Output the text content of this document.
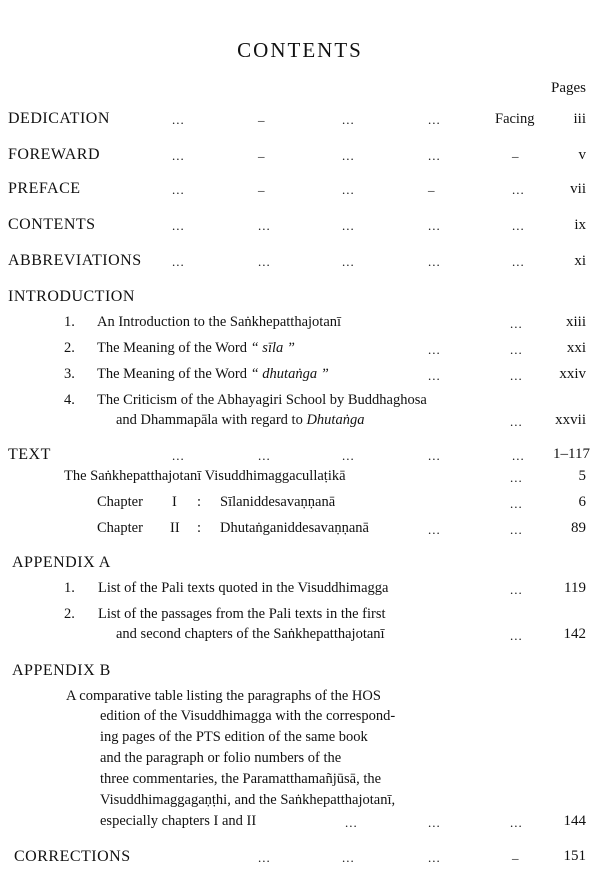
CONTENTS
Pages
DEDICATION	...	_	...	...	Facing	iii
FOREWARD	...	_	...	...	_	v
PREFACE	...	_	...	_	...	vii
CONTENTS	...	...	...	...	...	ix
ABBREVIATIONS ...	...	...	...	...	xi
INTRODUCTION
1. An Introduction to the Saṅkhepatthajotanī	...	xiii
2. The Meaning of the Word “ sīla ”	...	...	xxi
3. The Meaning of the Word “ dhutaṅga ”	...	...	xxiv
4. The Criticism of the Abhayagiri School by Buddhaghosa
and Dhammapāla with regard to Dhutaṅga	...	xxvii
TEXT	...	...	...	...	...	1–117
The Saṅkhepatthajotanī Visuddhimaggacullaṭikā	...	5
Chapter I : Sīlaniddesavaṇṇanā	...	6
Chapter II : Dhutaṅganiddesavaṇṇanā	...	...	89
APPENDIX A
1. List of the Pali texts quoted in the Visuddhimagga	...	119
2. List of the passages from the Pali texts in the first
and second chapters of the Saṅkhepatthajotanī	...	142
APPENDIX B
A comparative table listing the paragraphs of the HOS
edition of the Visuddhimagga with the correspond-
ing pages of the PTS edition of the same book
and the paragraph or folio numbers of the
three commentaries, the Paramatthamañjūsā, the
Visuddhimaggagaṇṭhi, and the Saṅkhepatthajotanī,
especially chapters I and II	...	...	...	144
CORRECTIONS	...	...	...	_	151
